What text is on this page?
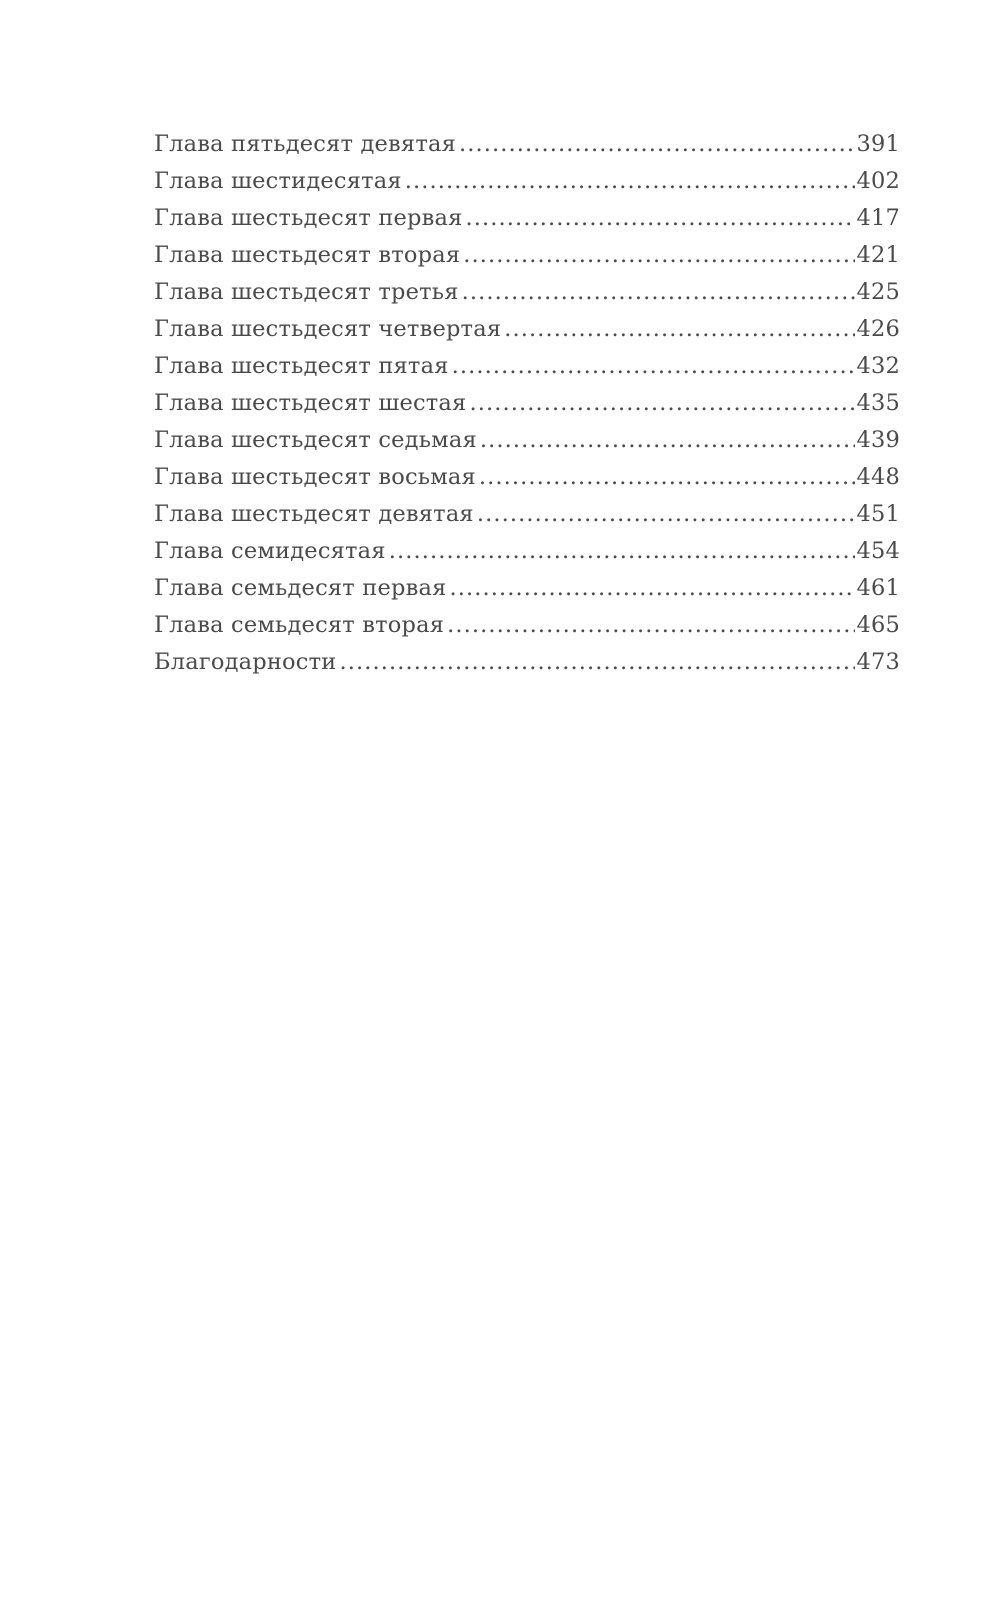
Глава пятьдесят девятая .....	391
Глава шестидесятая .....	402
Глава шестьдесят первая .....	417
Глава шестьдесят вторая .....	421
Глава шестьдесят третья .....	425
Глава шестьдесят четвертая .....	426
Глава шестьдесят пятая .....	432
Глава шестьдесят шестая .....	435
Глава шестьдесят седьмая .....	439
Глава шестьдесят восьмая .....	448
Глава шестьдесят девятая .....	451
Глава семидесятая .....	454
Глава семьдесят первая .....	461
Глава семьдесят вторая .....	465
Благодарности .....	473
